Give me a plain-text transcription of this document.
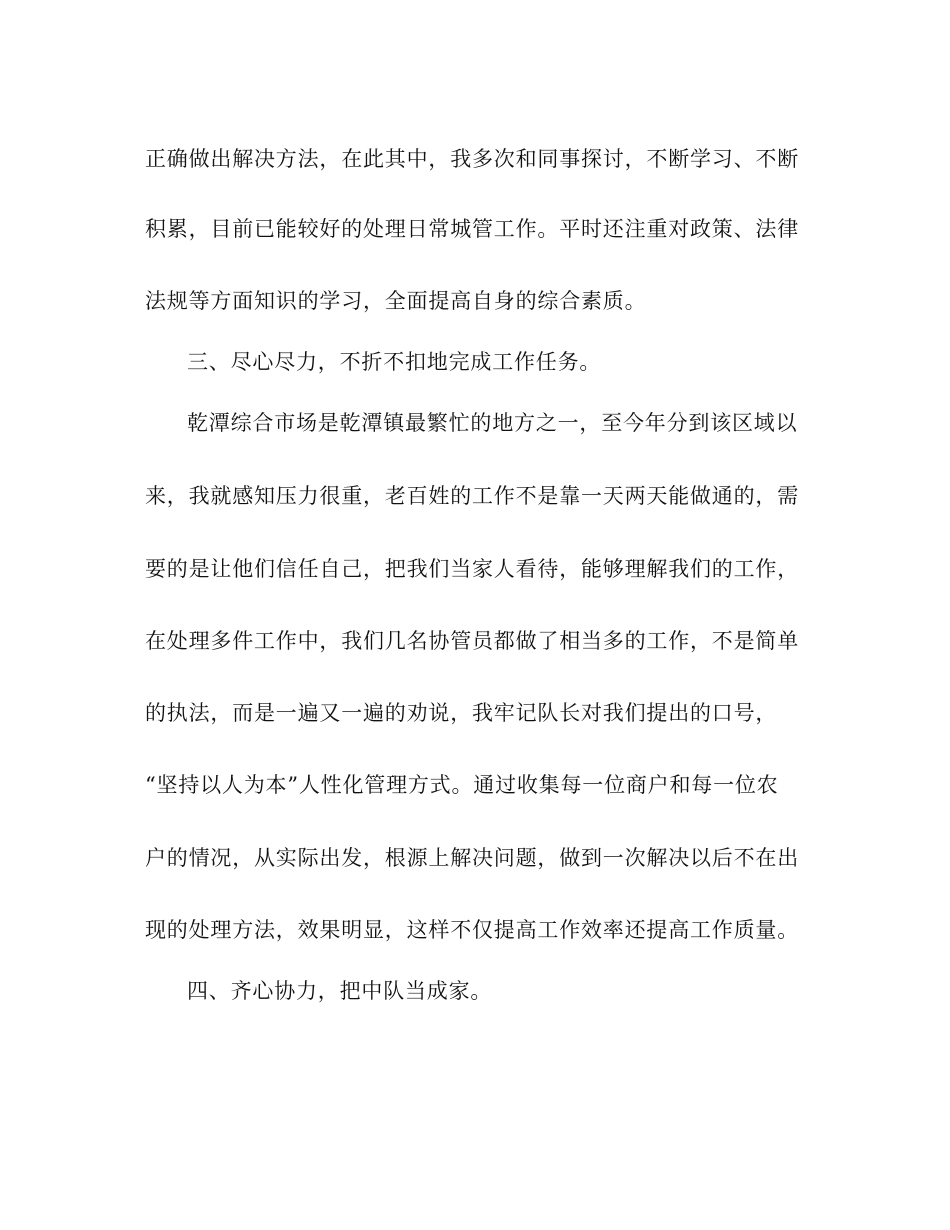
正确做出解决方法，在此其中，我多次和同事探讨，不断学习、不断
积累，目前已能较好的处理日常城管工作。平时还注重对政策、法律
法规等方面知识的学习，全面提高自身的综合素质。
三、尽心尽力，不折不扣地完成工作任务。
乾潭综合市场是乾潭镇最繁忙的地方之一，至今年分到该区域以
来，我就感知压力很重，老百姓的工作不是靠一天两天能做通的，需
要的是让他们信任自己，把我们当家人看待，能够理解我们的工作，
在处理多件工作中，我们几名协管员都做了相当多的工作，不是简单
的执法，而是一遍又一遍的劝说，我牢记队长对我们提出的口号，
“坚持以人为本”人性化管理方式。通过收集每一位商户和每一位农
户的情况，从实际出发，根源上解决问题，做到一次解决以后不在出
现的处理方法，效果明显，这样不仅提高工作效率还提高工作质量。
四、齐心协力，把中队当成家。
